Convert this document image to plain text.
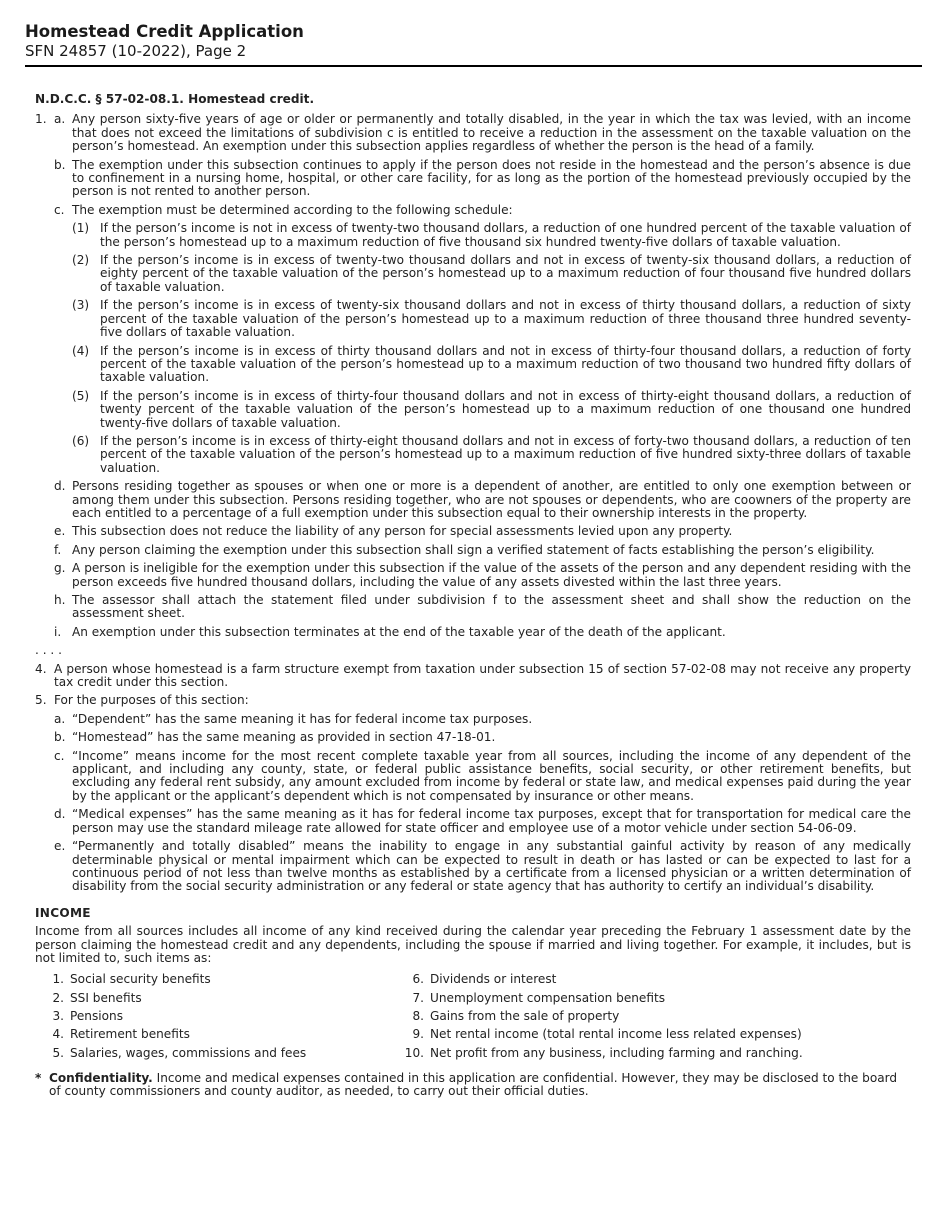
Homestead Credit Application
SFN 24857 (10-2022), Page 2
N.D.C.C. § 57-02-08.1. Homestead credit.
1. a. Any person sixty-five years of age or older or permanently and totally disabled, in the year in which the tax was levied, with an income that does not exceed the limitations of subdivision c is entitled to receive a reduction in the assessment on the taxable valuation on the person’s homestead. An exemption under this subsection applies regardless of whether the person is the head of a family.
b. The exemption under this subsection continues to apply if the person does not reside in the homestead and the person’s absence is due to confinement in a nursing home, hospital, or other care facility, for as long as the portion of the homestead previously occupied by the person is not rented to another person.
c. The exemption must be determined according to the following schedule:
(1) If the person’s income is not in excess of twenty-two thousand dollars, a reduction of one hundred percent of the taxable valuation of the person’s homestead up to a maximum reduction of five thousand six hundred twenty-five dollars of taxable valuation.
(2) If the person’s income is in excess of twenty-two thousand dollars and not in excess of twenty-six thousand dollars, a reduction of eighty percent of the taxable valuation of the person’s homestead up to a maximum reduction of four thousand five hundred dollars of taxable valuation.
(3) If the person’s income is in excess of twenty-six thousand dollars and not in excess of thirty thousand dollars, a reduction of sixty percent of the taxable valuation of the person’s homestead up to a maximum reduction of three thousand three hundred seventy-five dollars of taxable valuation.
(4) If the person’s income is in excess of thirty thousand dollars and not in excess of thirty-four thousand dollars, a reduction of forty percent of the taxable valuation of the person’s homestead up to a maximum reduction of two thousand two hundred fifty dollars of taxable valuation.
(5) If the person’s income is in excess of thirty-four thousand dollars and not in excess of thirty-eight thousand dollars, a reduction of twenty percent of the taxable valuation of the person’s homestead up to a maximum reduction of one thousand one hundred twenty-five dollars of taxable valuation.
(6) If the person’s income is in excess of thirty-eight thousand dollars and not in excess of forty-two thousand dollars, a reduction of ten percent of the taxable valuation of the person’s homestead up to a maximum reduction of five hundred sixty-three dollars of taxable valuation.
d. Persons residing together as spouses or when one or more is a dependent of another, are entitled to only one exemption between or among them under this subsection. Persons residing together, who are not spouses or dependents, who are coowners of the property are each entitled to a percentage of a full exemption under this subsection equal to their ownership interests in the property.
e. This subsection does not reduce the liability of any person for special assessments levied upon any property.
f. Any person claiming the exemption under this subsection shall sign a verified statement of facts establishing the person’s eligibility.
g. A person is ineligible for the exemption under this subsection if the value of the assets of the person and any dependent residing with the person exceeds five hundred thousand dollars, including the value of any assets divested within the last three years.
h. The assessor shall attach the statement filed under subdivision f to the assessment sheet and shall show the reduction on the assessment sheet.
i. An exemption under this subsection terminates at the end of the taxable year of the death of the applicant.
. . . .
4. A person whose homestead is a farm structure exempt from taxation under subsection 15 of section 57-02-08 may not receive any property tax credit under this section.
5. For the purposes of this section:
a. “Dependent” has the same meaning it has for federal income tax purposes.
b. “Homestead” has the same meaning as provided in section 47-18-01.
c. “Income” means income for the most recent complete taxable year from all sources, including the income of any dependent of the applicant, and including any county, state, or federal public assistance benefits, social security, or other retirement benefits, but excluding any federal rent subsidy, any amount excluded from income by federal or state law, and medical expenses paid during the year by the applicant or the applicant’s dependent which is not compensated by insurance or other means.
d. “Medical expenses” has the same meaning as it has for federal income tax purposes, except that for transportation for medical care the person may use the standard mileage rate allowed for state officer and employee use of a motor vehicle under section 54-06-09.
e. “Permanently and totally disabled” means the inability to engage in any substantial gainful activity by reason of any medically determinable physical or mental impairment which can be expected to result in death or has lasted or can be expected to last for a continuous period of not less than twelve months as established by a certificate from a licensed physician or a written determination of disability from the social security administration or any federal or state agency that has authority to certify an individual’s disability.
INCOME
Income from all sources includes all income of any kind received during the calendar year preceding the February 1 assessment date by the person claiming the homestead credit and any dependents, including the spouse if married and living together. For example, it includes, but is not limited to, such items as:
1. Social security benefits
2. SSI benefits
3. Pensions
4. Retirement benefits
5. Salaries, wages, commissions and fees
6. Dividends or interest
7. Unemployment compensation benefits
8. Gains from the sale of property
9. Net rental income (total rental income less related expenses)
10. Net profit from any business, including farming and ranching.
* Confidentiality. Income and medical expenses contained in this application are confidential. However, they may be disclosed to the board of county commissioners and county auditor, as needed, to carry out their official duties.
